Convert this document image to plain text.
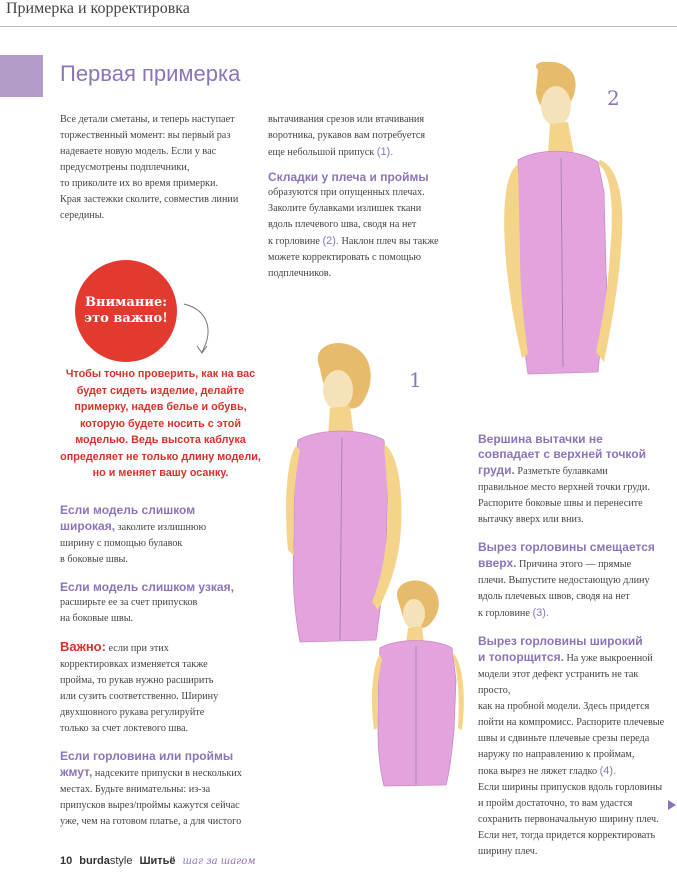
Примерка и корректировка
Первая примерка
Все детали сметаны, и теперь наступает
торжественный момент: вы первый раз
надеваете новую модель. Если у вас
предусмотрены подплечники,
то приколите их во время примерки.
Края застежки сколите, совместив линии
середины.
вытачивания срезов или втачивания
воротника, рукавов вам потребуется
еще небольшой припуск (1).
Складки у плеча и проймы
образуются при опущенных плечах.
Заколите булавками излишек ткани
вдоль плечевого шва, сводя на нет
к горловине (2). Наклон плеч вы также
можете корректировать с помощью
подплечников.
Внимание:
это важно!
Чтобы точно проверить, как на вас
будет сидеть изделие, делайте
примерку, надев белье и обувь,
которую будете носить с этой
моделью. Ведь высота каблука
определяет не только длину модели,
но и меняет вашу осанку.
Если модель слишком
широкая, заколите излишнюю
ширину с помощью булавок
в боковые швы.
Если модель слишком узкая,
расширьте ее за счет припусков
на боковые швы.
Важно: если при этих
корректировках изменяется также
пройма, то рукав нужно расширить
или сузить соответственно. Ширину
двухшовного рукава регулируйте
только за счет локтевого шва.
Если горловина или проймы
жмут, надсеките припуски в нескольких
местах. Будьте внимательны: из-за
припусков вырез/проймы кажутся сейчас
уже, чем на готовом платье, а для чистого
Вершина вытачки не
совпадает с верхней точкой
груди. Разметьте булавками
правильное место верхней точки груди.
Распорите боковые швы и перенесите
вытачку вверх или вниз.
Вырез горловины смещается
вверх. Причина этого — прямые
плечи. Выпустите недостающую длину
вдоль плечевых швов, сводя на нет
к горловине (3).
Вырез горловины широкий
и топорщится. На уже выкроенной
модели этот дефект устранить не так просто,
как на пробной модели. Здесь придется
пойти на компромисс. Распорите плечевые
швы и сдвиньте плечевые срезы переда
наружу по направлению к проймам,
пока вырез не ляжет гладко (4).
Если ширины припусков вдоль горловины
и пройм достаточно, то вам удастся
сохранить первоначальную ширину плеч.
Если нет, тогда придется корректировать
ширину плеч.
2
1
10 burda style Шитьё шаг за шагом
